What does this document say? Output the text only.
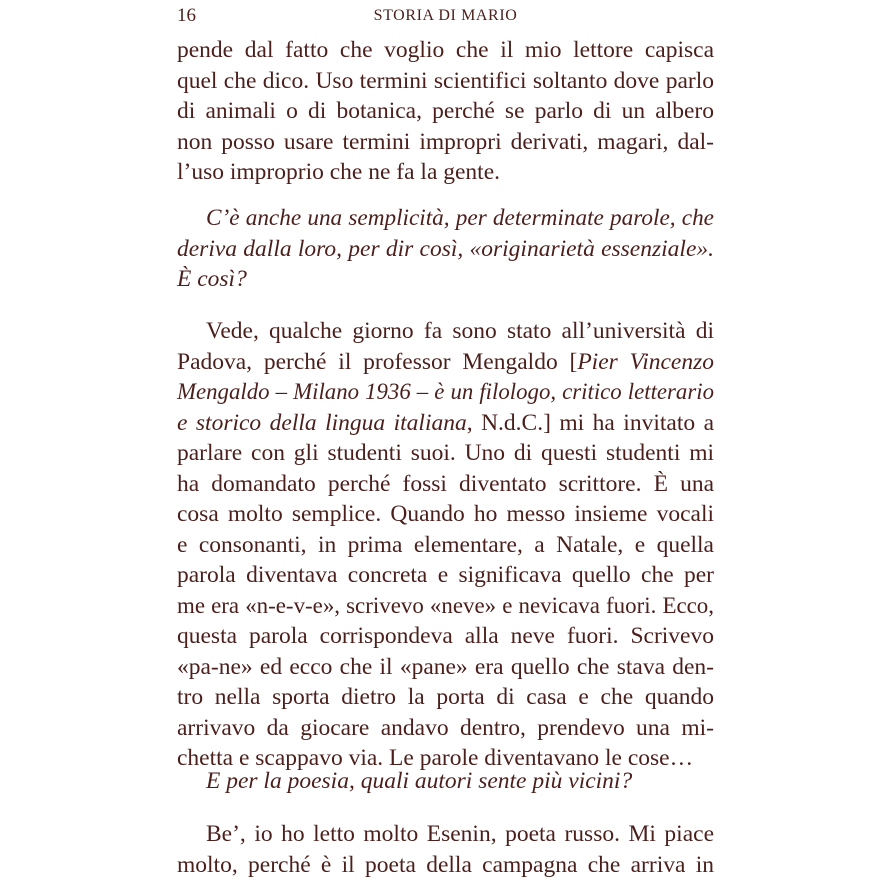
16	STORIA DI MARIO
pende dal fatto che voglio che il mio lettore capisca
quel che dico. Uso termini scientifici soltanto dove parlo
di animali o di botanica, perché se parlo di un albero
non posso usare termini impropri derivati, magari, dal-
l’uso improprio che ne fa la gente.
C’è anche una semplicità, per determinate parole, che
deriva dalla loro, per dir così, «originarietà essenziale».
È così?
Vede, qualche giorno fa sono stato all’università di
Padova, perché il professor Mengaldo [Pier Vincenzo
Mengaldo – Milano 1936 – è un filologo, critico letterario
e storico della lingua italiana, N.d.C.] mi ha invitato a
parlare con gli studenti suoi. Uno di questi studenti mi
ha domandato perché fossi diventato scrittore. È una
cosa molto semplice. Quando ho messo insieme vocali
e consonanti, in prima elementare, a Natale, e quella
parola diventava concreta e significava quello che per
me era «n-e-v-e», scrivevo «neve» e nevicava fuori. Ecco,
questa parola corrispondeva alla neve fuori. Scrivevo
«pa-ne» ed ecco che il «pane» era quello che stava den-
tro nella sporta dietro la porta di casa e che quando
arrivavo da giocare andavo dentro, prendevo una mi-
chetta e scappavo via. Le parole diventavano le cose…
E per la poesia, quali autori sente più vicini?
Be’, io ho letto molto Esenin, poeta russo. Mi piace
molto, perché è il poeta della campagna che arriva in
